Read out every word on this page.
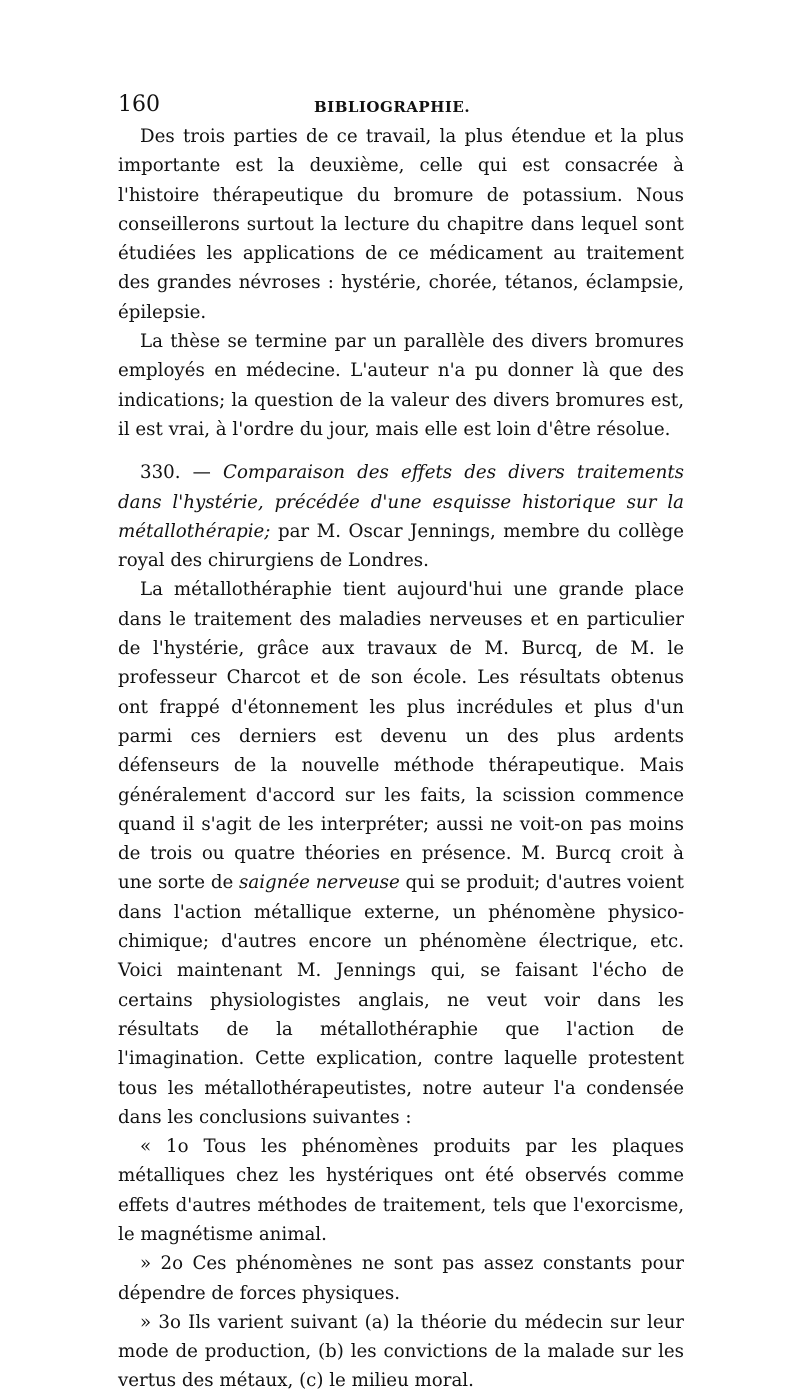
160	BIBLIOGRAPHIE.

Des trois parties de ce travail, la plus étendue et la plus importante est la deuxième, celle qui est consacrée à l'histoire thérapeutique du bromure de potassium. Nous conseillerons surtout la lecture du chapitre dans lequel sont étudiées les applications de ce médicament au traitement des grandes névroses : hystérie, chorée, tétanos, éclampsie, épilepsie.

La thèse se termine par un parallèle des divers bromures employés en médecine. L'auteur n'a pu donner là que des indications; la question de la valeur des divers bromures est, il est vrai, à l'ordre du jour, mais elle est loin d'être résolue.

330. — Comparaison des effets des divers traitements dans l'hystérie, précédée d'une esquisse historique sur la métallothérapie; par M. Oscar Jennings, membre du collège royal des chirurgiens de Londres.

La métallothéraphie tient aujourd'hui une grande place dans le traitement des maladies nerveuses et en particulier de l'hystérie, grâce aux travaux de M. Burcq, de M. le professeur Charcot et de son école. Les résultats obtenus ont frappé d'étonnement les plus incrédules et plus d'un parmi ces derniers est devenu un des plus ardents défenseurs de la nouvelle méthode thérapeutique. Mais généralement d'accord sur les faits, la scission commence quand il s'agit de les interpréter; aussi ne voit-on pas moins de trois ou quatre théories en présence. M. Burcq croit à une sorte de saignée nerveuse qui se produit; d'autres voient dans l'action métallique externe, un phénomène physico-chimique; d'autres encore un phénomène électrique, etc. Voici maintenant M. Jennings qui, se faisant l'écho de certains physiologistes anglais, ne veut voir dans les résultats de la métallothéraphie que l'action de l'imagination. Cette explication, contre laquelle protestent tous les métallothérapeutistes, notre auteur l'a condensée dans les conclusions suivantes :

« 1o Tous les phénomènes produits par les plaques métalliques chez les hystériques ont été observés comme effets d'autres méthodes de traitement, tels que l'exorcisme, le magnétisme animal.

» 2o Ces phénomènes ne sont pas assez constants pour dépendre de forces physiques.

» 3o Ils varient suivant (a) la théorie du médecin sur leur mode de production, (b) les convictions de la malade sur les vertus des métaux, (c) le milieu moral.
